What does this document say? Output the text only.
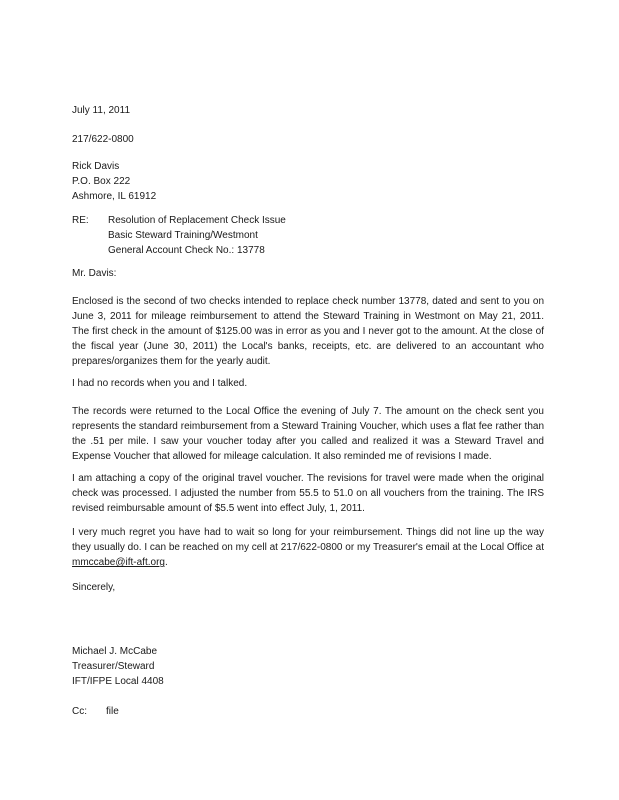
July 11, 2011
217/622-0800
Rick Davis
P.O. Box 222
Ashmore, IL 61912
RE: Resolution of Replacement Check Issue
Basic Steward Training/Westmont
General Account Check No.: 13778
Mr. Davis:
Enclosed is the second of two checks intended to replace check number 13778, dated and sent to you on June 3, 2011 for mileage reimbursement to attend the Steward Training in Westmont on May 21, 2011. The first check in the amount of $125.00 was in error as you and I never got to the amount. At the close of the fiscal year (June 30, 2011) the Local's banks, receipts, etc. are delivered to an accountant who prepares/organizes them for the yearly audit.
I had no records when you and I talked.
The records were returned to the Local Office the evening of July 7. The amount on the check sent you represents the standard reimbursement from a Steward Training Voucher, which uses a flat fee rather than the .51 per mile. I saw your voucher today after you called and realized it was a Steward Travel and Expense Voucher that allowed for mileage calculation. It also reminded me of revisions I made.
I am attaching a copy of the original travel voucher. The revisions for travel were made when the original check was processed. I adjusted the number from 55.5 to 51.0 on all vouchers from the training. The IRS revised reimbursable amount of $5.5 went into effect July, 1, 2011.
I very much regret you have had to wait so long for your reimbursement. Things did not line up the way they usually do. I can be reached on my cell at 217/622-0800 or my Treasurer's email at the Local Office at mmccabe@ift-aft.org.
Sincerely,
Michael J. McCabe
Treasurer/Steward
IFT/IFPE Local 4408
Cc: file
